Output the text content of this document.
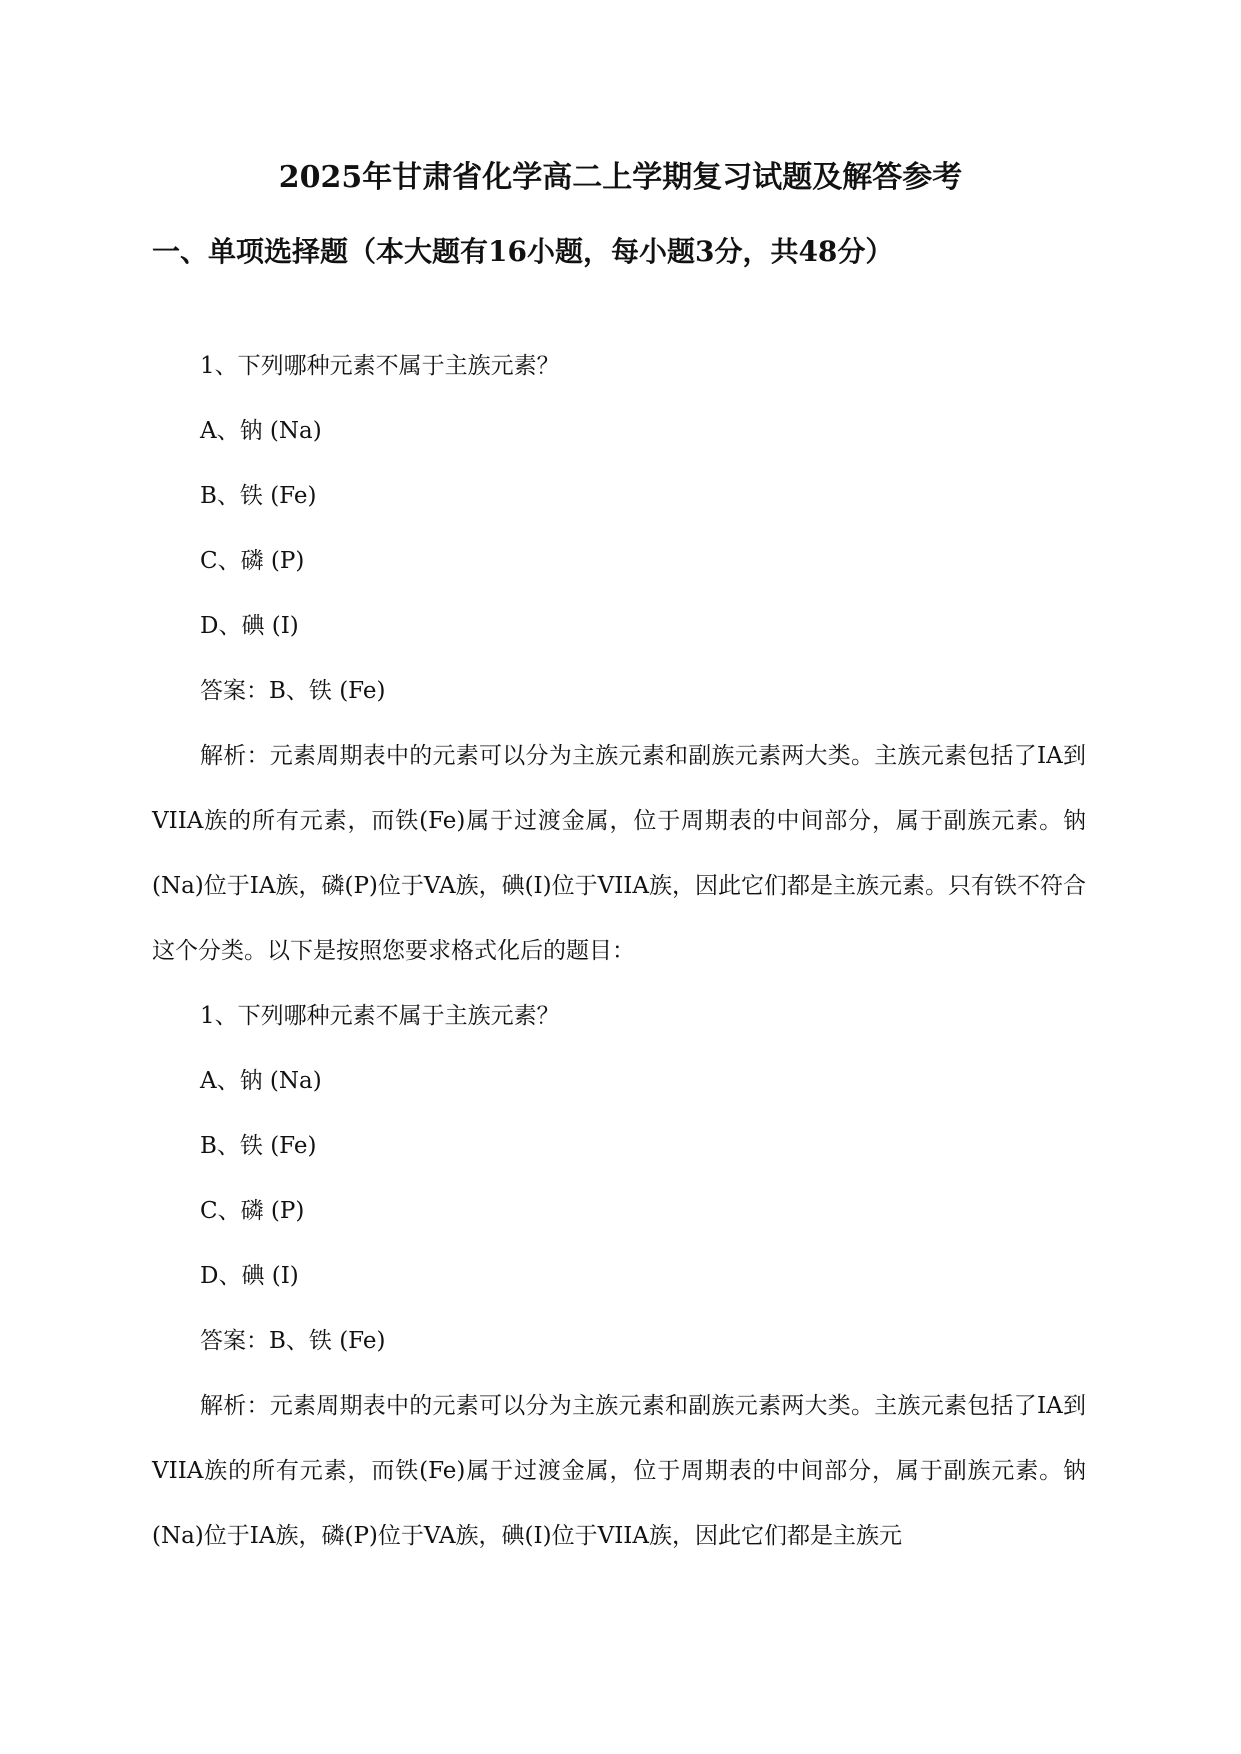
2025年甘肃省化学高二上学期复习试题及解答参考
一、单项选择题（本大题有16小题，每小题3分，共48分）
1、下列哪种元素不属于主族元素？
A、钠 (Na)
B、铁 (Fe)
C、磷 (P)
D、碘 (I)
答案：B、铁 (Fe)
解析：元素周期表中的元素可以分为主族元素和副族元素两大类。主族元素包括了IA到VIIA族的所有元素，而铁(Fe)属于过渡金属，位于周期表的中间部分，属于副族元素。钠(Na)位于IA族，磷(P)位于VA族，碘(I)位于VIIA族，因此它们都是主族元素。只有铁不符合这个分类。以下是按照您要求格式化后的题目：
1、下列哪种元素不属于主族元素？
A、钠 (Na)
B、铁 (Fe)
C、磷 (P)
D、碘 (I)
答案：B、铁 (Fe)
解析：元素周期表中的元素可以分为主族元素和副族元素两大类。主族元素包括了IA到VIIA族的所有元素，而铁(Fe)属于过渡金属，位于周期表的中间部分，属于副族元素。钠(Na)位于IA族，磷(P)位于VA族，碘(I)位于VIIA族，因此它们都是主族元
